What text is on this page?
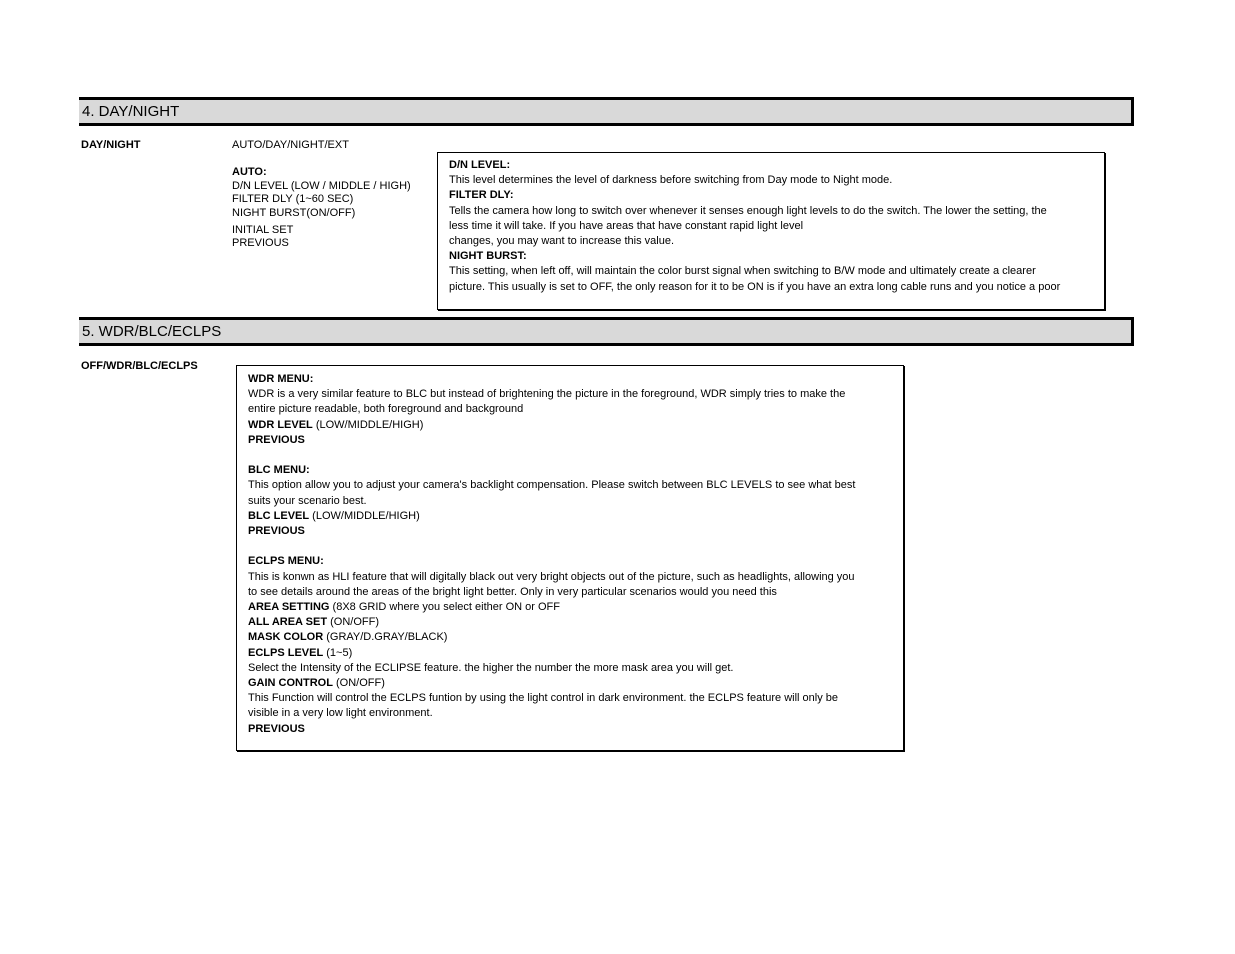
4. DAY/NIGHT
DAY/NIGHT	AUTO/DAY/NIGHT/EXT
AUTO:
D/N LEVEL (LOW / MIDDLE / HIGH)
FILTER DLY (1~60 SEC)
NIGHT BURST(ON/OFF)
INITIAL SET
PREVIOUS
D/N LEVEL:
This level determines the level of darkness before switching from Day mode to Night mode.
FILTER DLY:
Tells the camera how long to switch over whenever it senses enough light levels to do the switch. The lower the setting, the
less time it will take. If you have areas that have constant rapid light level
changes, you may want to increase this value.
NIGHT BURST:
This setting, when left off, will maintain the color burst signal when switching to B/W mode and ultimately create a clearer
picture. This usually is set to OFF, the only reason for it to be ON is if you have an extra long cable runs and you notice a poor
5. WDR/BLC/ECLPS
OFF/WDR/BLC/ECLPS
WDR MENU:
WDR is a very similar feature to BLC but instead of brightening the picture in the foreground, WDR simply tries to make the
entire picture readable, both foreground and background
WDR LEVEL (LOW/MIDDLE/HIGH)
PREVIOUS
BLC MENU:
This option allow you to adjust your camera's backlight compensation. Please switch between BLC LEVELS to see what best
suits your scenario best.
BLC LEVEL (LOW/MIDDLE/HIGH)
PREVIOUS
ECLPS MENU:
This is konwn as HLI feature that will digitally black out very bright objects out of the picture, such as headlights, allowing you
to see details around the areas of the bright light better. Only in very particular scenarios would you need this
AREA SETTING (8X8 GRID where you select either ON or OFF
ALL AREA SET (ON/OFF)
MASK COLOR (GRAY/D.GRAY/BLACK)
ECLPS LEVEL (1~5)
Select the Intensity of the ECLIPSE feature. the higher the number the more mask area you will get.
GAIN CONTROL (ON/OFF)
This Function will control the ECLPS funtion by using the light control in dark environment. the ECLPS feature will only be
visible in a very low light environment.
PREVIOUS
